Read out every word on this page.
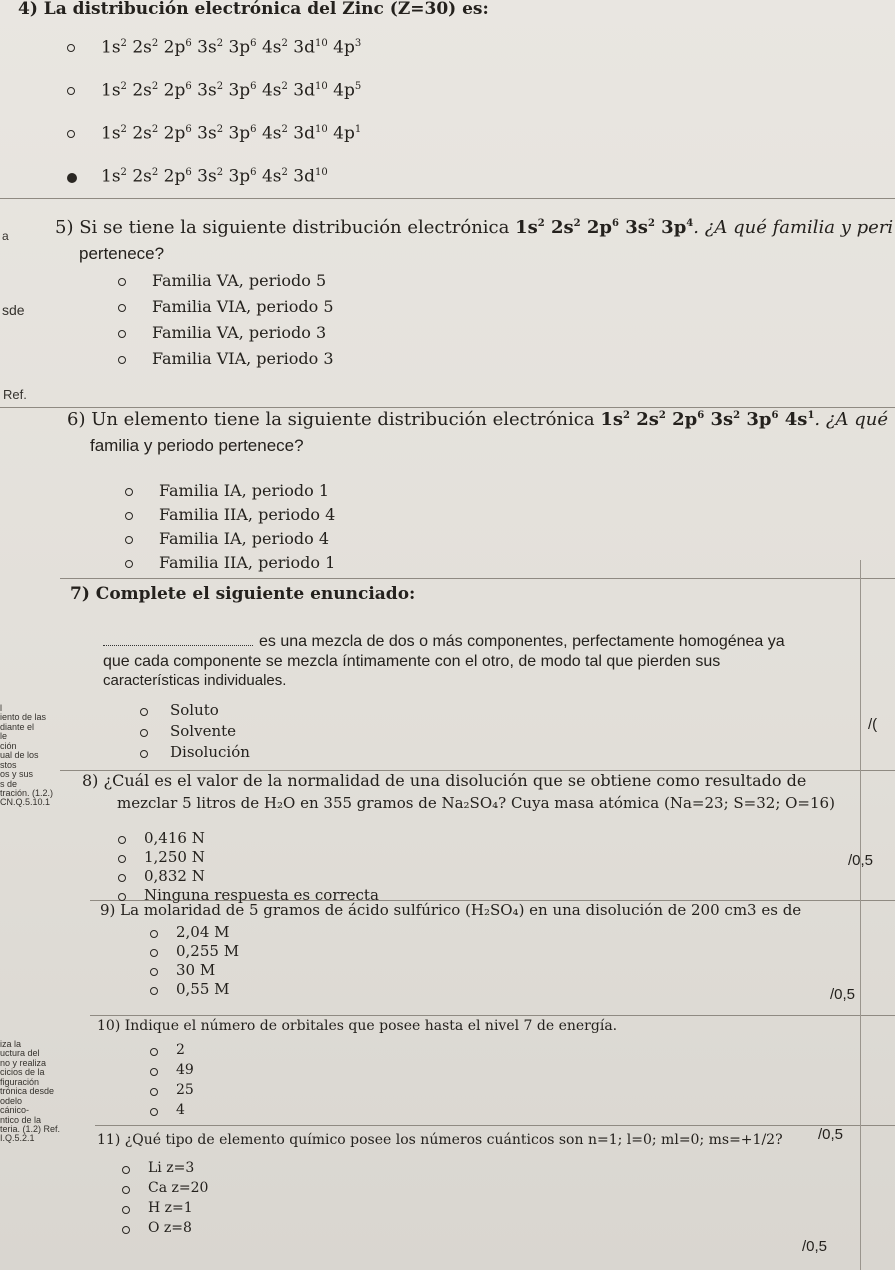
4) La distribución electrónica del Zinc (Z=30) es:
$1s^2$ $2s^2$ $2p^6$ $3s^2$ $3p^6$ $4s^2$ $3d^{10}$ $4p^3$
$1s^2$ $2s^2$ $2p^6$ $3s^2$ $3p^6$ $4s^2$ $3d^{10}$ $4p^5$
$1s^2$ $2s^2$ $2p^6$ $3s^2$ $3p^6$ $4s^2$ $3d^{10}$ $4p^1$
$1s^2$ $2s^2$ $2p^6$ $3s^2$ $3p^6$ $4s^2$ $3d^{10}$
5) Si se tiene la siguiente distribución electrónica $1s^2$ $2s^2$ $2p^6$ $3s^2$ $3p^4$. ¿A qué familia y peri
pertenece?
Familia VA, periodo 5
Familia VIA, periodo 5
Familia VA, periodo 3
Familia VIA, periodo 3
6) Un elemento tiene la siguiente distribución electrónica $1s^2$ $2s^2$ $2p^6$ $3s^2$ $3p^6$ $4s^1$. ¿A qué
familia y periodo pertenece?
Familia IA, periodo 1
Familia IIA, periodo 4
Familia IA, periodo 4
Familia IIA, periodo 1
7) Complete el siguiente enunciado:
es una mezcla de dos o más componentes, perfectamente homogénea ya
que cada componente se mezcla íntimamente con el otro, de modo tal que pierden sus
características individuales.
Soluto
Solvente
Disolución
/(
8) ¿Cuál es el valor de la normalidad de una disolución que se obtiene como resultado de
mezclar 5 litros de H₂O en 355 gramos de Na₂SO₄? Cuya masa atómica (Na=23; S=32; O=16)
0,416 N
1,250 N
0,832 N
Ninguna respuesta es correcta
/0,5
9) La molaridad de 5 gramos de ácido sulfúrico (H₂SO₄) en una disolución de 200 cm3 es de
2,04 M
0,255 M
30 M
0,55 M	/0,5
10) Indique el número de orbitales que posee hasta el nivel 7 de energía.
2
49
25
4
/0,5
11) ¿Qué tipo de elemento químico posee los números cuánticos son n=1; l=0; ml=0; ms=+1/2?
Li z=3
Ca z=20
H z=1
O z=8
/0,5
a
sde
Ref.
l
iento de las
diante el
le
ción
ual de los
stos
os y sus
s de
tración. (1.2.)
CN.Q.5.10.1
iza la
uctura del
no y realiza
cicios de la
figuración
trónica desde
odelo
cánico-
ntico de la
teria. (1.2) Ref.
I.Q.5.2.1
